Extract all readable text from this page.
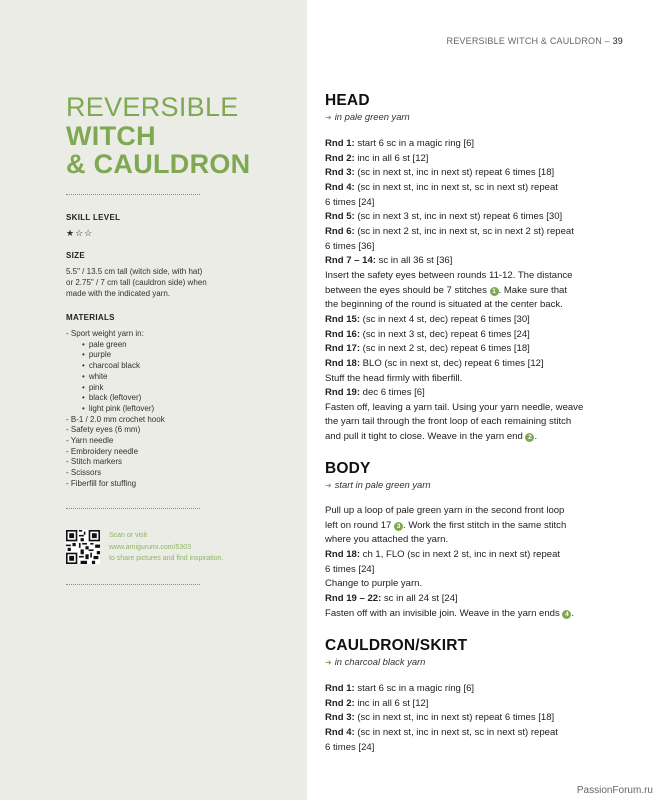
REVERSIBLE WITCH & CAULDRON – 39
REVERSIBLE
WITCH
& CAULDRON
SKILL LEVEL
★☆☆
SIZE
5.5" / 13.5 cm tall (witch side, with hat)
or 2.75" / 7 cm tall (cauldron side) when
made with the indicated yarn.
MATERIALS
- Sport weight yarn in:
• pale green
• purple
• charcoal black
• white
• pink
• black (leftover)
• light pink (leftover)
- B-1 / 2.0 mm crochet hook
- Safety eyes (6 mm)
- Yarn needle
- Embroidery needle
- Stitch markers
- Scissors
- Fiberfill for stuffing
Scan or visit
www.amigurumi.com/5303
to share pictures and find inspiration.
HEAD
➜ in pale green yarn

Rnd 1: start 6 sc in a magic ring [6]

Rnd 2: inc in all 6 st [12]

Rnd 3: (sc in next st, inc in next st) repeat 6 times [18]

Rnd 4: (sc in next st, inc in next st, sc in next st) repeat

6 times [24]

Rnd 5: (sc in next 3 st, inc in next st) repeat 6 times [30]

Rnd 6: (sc in next 2 st, inc in next st, sc in next 2 st) repeat

6 times [36]

Rnd 7 – 14: sc in all 36 st [36]

Insert the safety eyes between rounds 11-12. The distance

between the eyes should be 7 stitches 1 . Make sure that

the beginning of the round is situated at the center back.

Rnd 15: (sc in next 4 st, dec) repeat 6 times [30]

Rnd 16: (sc in next 3 st, dec) repeat 6 times [24]

Rnd 17: (sc in next 2 st, dec) repeat 6 times [18]

Rnd 18: BLO (sc in next st, dec) repeat 6 times [12]

Stuff the head firmly with fiberfill.

Rnd 19: dec 6 times [6]

Fasten off, leaving a yarn tail. Using your yarn needle, weave

the yarn tail through the front loop of each remaining stitch

and pull it tight to close. Weave in the yarn end 2 .

BODY
➜ start in pale green yarn

Pull up a loop of pale green yarn in the second front loop

left on round 17 3 . Work the first stitch in the same stitch

where you attached the yarn.

Rnd 18: ch 1, FLO (sc in next 2 st, inc in next st) repeat

6 times [24]

Change to purple yarn.

Rnd 19 – 22: sc in all 24 st [24]

Fasten off with an invisible join. Weave in the yarn ends 4 .

CAULDRON/SKIRT
➜ in charcoal black yarn

Rnd 1: start 6 sc in a magic ring [6]

Rnd 2: inc in all 6 st [12]

Rnd 3: (sc in next st, inc in next st) repeat 6 times [18]

Rnd 4: (sc in next st, inc in next st, sc in next st) repeat

6 times [24]

PassionForum.ru
